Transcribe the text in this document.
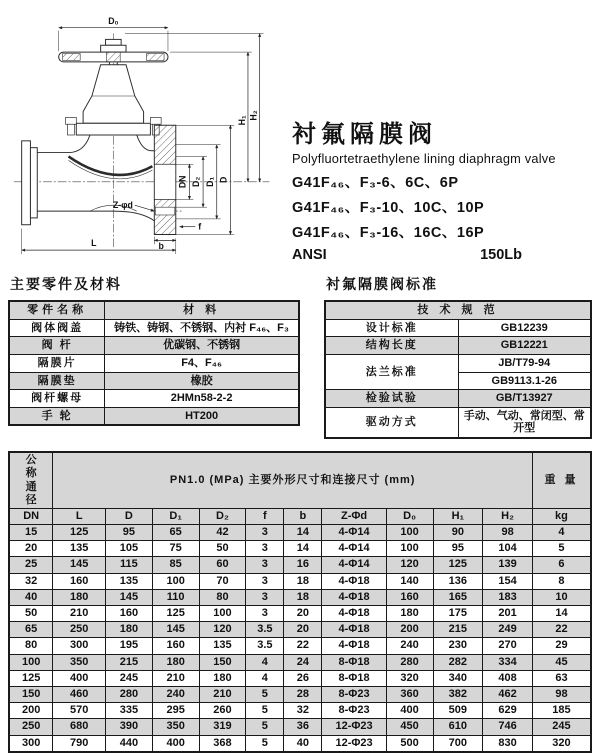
D₀
H₁ H₂
DN D₂ D₁ D
Z-φd
f
b
L
衬氟隔膜阀
Polyfluortetraethylene lining diaphragm valve
G41F₄₆、F₃-6、6C、6P
G41F₄₆、F₃-10、10C、10P
G41F₄₆、F₃-16、16C、16P
ANSI	150Lb
主要零件及材料
零件名称	材 料
阀体阀盖	铸铁、铸钢、不锈钢、内衬 F₄₆、F₃
阀 杆	优碳钢、不锈钢
隔膜片	F4、F₄₆
隔膜垫	橡胶
阀杆螺母	2HMn58-2-2
手 轮	HT200
衬氟隔膜阀标准
技 术 规 范	
设计标准	GB12239
结构长度	GB12221
法兰标准	JB/T79-94
	GB9113.1-26
检验试验	GB/T13927
驱动方式	手动、气动、常闭型、常开型
公 称
通 径	PN1.0 (MPa) 主要外形尺寸和连接尺寸 (mm)										重 量
DN	L	D	D₁	D₂	f	b	Z-Φd	D₀	H₁	H₂	kg
15	125	95	65	42	3	14	4-Φ14	100	90	98	4
20	135	105	75	50	3	14	4-Φ14	100	95	104	5
25	145	115	85	60	3	16	4-Φ14	120	125	139	6
32	160	135	100	70	3	18	4-Φ18	140	136	154	8
40	180	145	110	80	3	18	4-Φ18	160	165	183	10
50	210	160	125	100	3	20	4-Φ18	180	175	201	14
65	250	180	145	120	3.5	20	4-Φ18	200	215	249	22
80	300	195	160	135	3.5	22	4-Φ18	240	230	270	29
100	350	215	180	150	4	24	8-Φ18	280	282	334	45
125	400	245	210	180	4	26	8-Φ18	320	340	408	63
150	460	280	240	210	5	28	8-Φ23	360	382	462	98
200	570	335	295	260	5	32	8-Φ23	400	509	629	185
250	680	390	350	319	5	36	12-Φ23	450	610	746	245
300	790	440	400	368	5	40	12-Φ23	500	700	830	320
